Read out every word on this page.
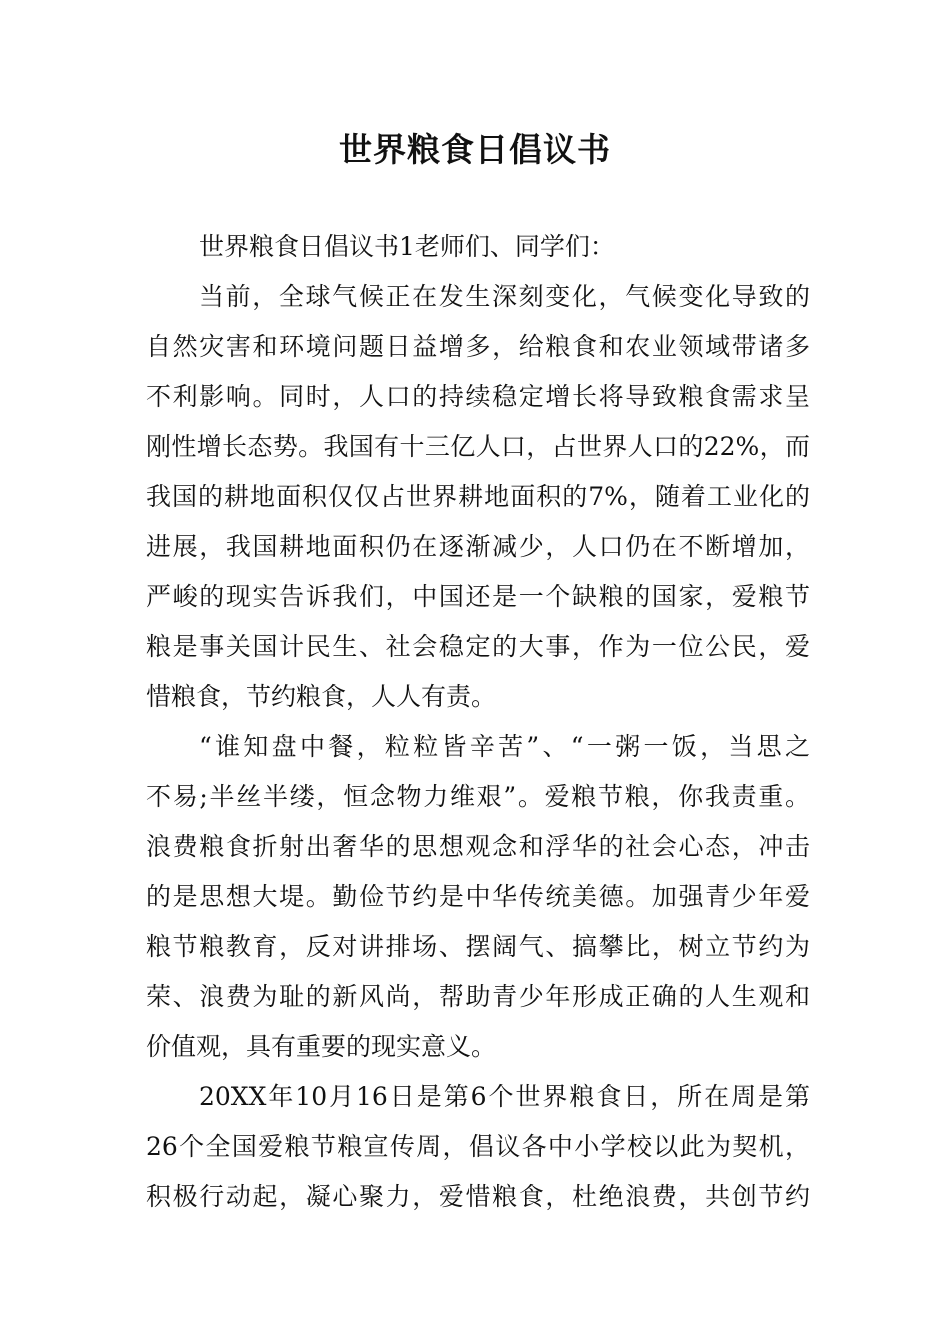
世界粮食日倡议书
世界粮食日倡议书1老师们、同学们：
当前，全球气候正在发生深刻变化，气候变化导致的
自然灾害和环境问题日益增多，给粮食和农业领域带诸多
不利影响。同时，人口的持续稳定增长将导致粮食需求呈
刚性增长态势。我国有十三亿人口，占世界人口的22%，而
我国的耕地面积仅仅占世界耕地面积的7%，随着工业化的
进展，我国耕地面积仍在逐渐减少，人口仍在不断增加，
严峻的现实告诉我们，中国还是一个缺粮的国家，爱粮节
粮是事关国计民生、社会稳定的大事，作为一位公民，爱
惜粮食，节约粮食，人人有责。
“谁知盘中餐，粒粒皆辛苦”、“一粥一饭，当思之
不易;半丝半缕，恒念物力维艰”。爱粮节粮，你我责重。
浪费粮食折射出奢华的思想观念和浮华的社会心态，冲击
的是思想大堤。勤俭节约是中华传统美德。加强青少年爱
粮节粮教育，反对讲排场、摆阔气、搞攀比，树立节约为
荣、浪费为耻的新风尚，帮助青少年形成正确的人生观和
价值观，具有重要的现实意义。
20XX年10月16日是第6个世界粮食日，所在周是第
26个全国爱粮节粮宣传周，倡议各中小学校以此为契机，
积极行动起，凝心聚力，爱惜粮食，杜绝浪费，共创节约
